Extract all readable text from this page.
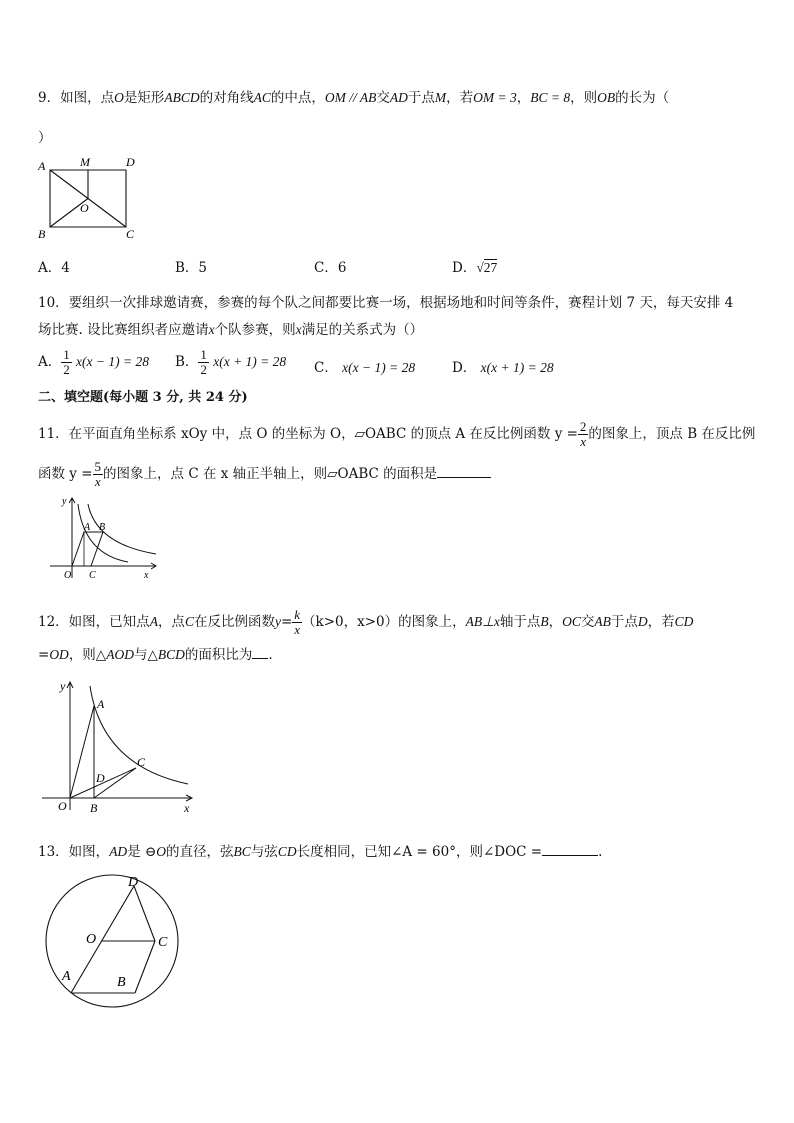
9．如图，点O是矩形ABCD的对角线AC的中点，OM // AB交AD于点M，若OM = 3，BC = 8，则OB的长为（
）
A	M	D
O
B	C
A．4	B．5	C．6	D．√27
10．要组织一次排球邀请赛，参赛的每个队之间都要比赛一场，根据场地和时间等条件，赛程计划 7 天，每天安排 4
场比赛. 设比赛组织者应邀请x个队参赛，则x满足的关系式为（）
A． $\frac{1}{2} x(x - 1) = 28$ B． $\frac{1}{2} x(x + 1) = 28$ C． x(x − 1) = 28	D． x(x + 1) = 28
二、填空题(每小题 3 分, 共 24 分)
11．在平面直角坐标系 xOy 中，点 O 的坐标为 O，▱OABC 的顶点 A 在反比例函数 $y = \frac{2}{x}$ 的图象上，顶点 B 在反比例
函数 $y = \frac{5}{x}$ 的图象上，点 C 在 x 轴正半轴上，则▱OABC 的面积是
y
A B
O C	x
12．如图，已知点A，点C在反比例函数$y= \frac{k}{x} (k>0$，x>0）的图象上，AB⊥x轴于点B，OC交AB于点D，若CD
=OD，则△AOD与△BCD的面积比为 .
y
A
C
D
O B	x
13．如图，AD是 ⊖O的直径，弦BC与弦CD长度相同，已知∠A = 60°，则∠DOC =	.
D
O	C
A	B
